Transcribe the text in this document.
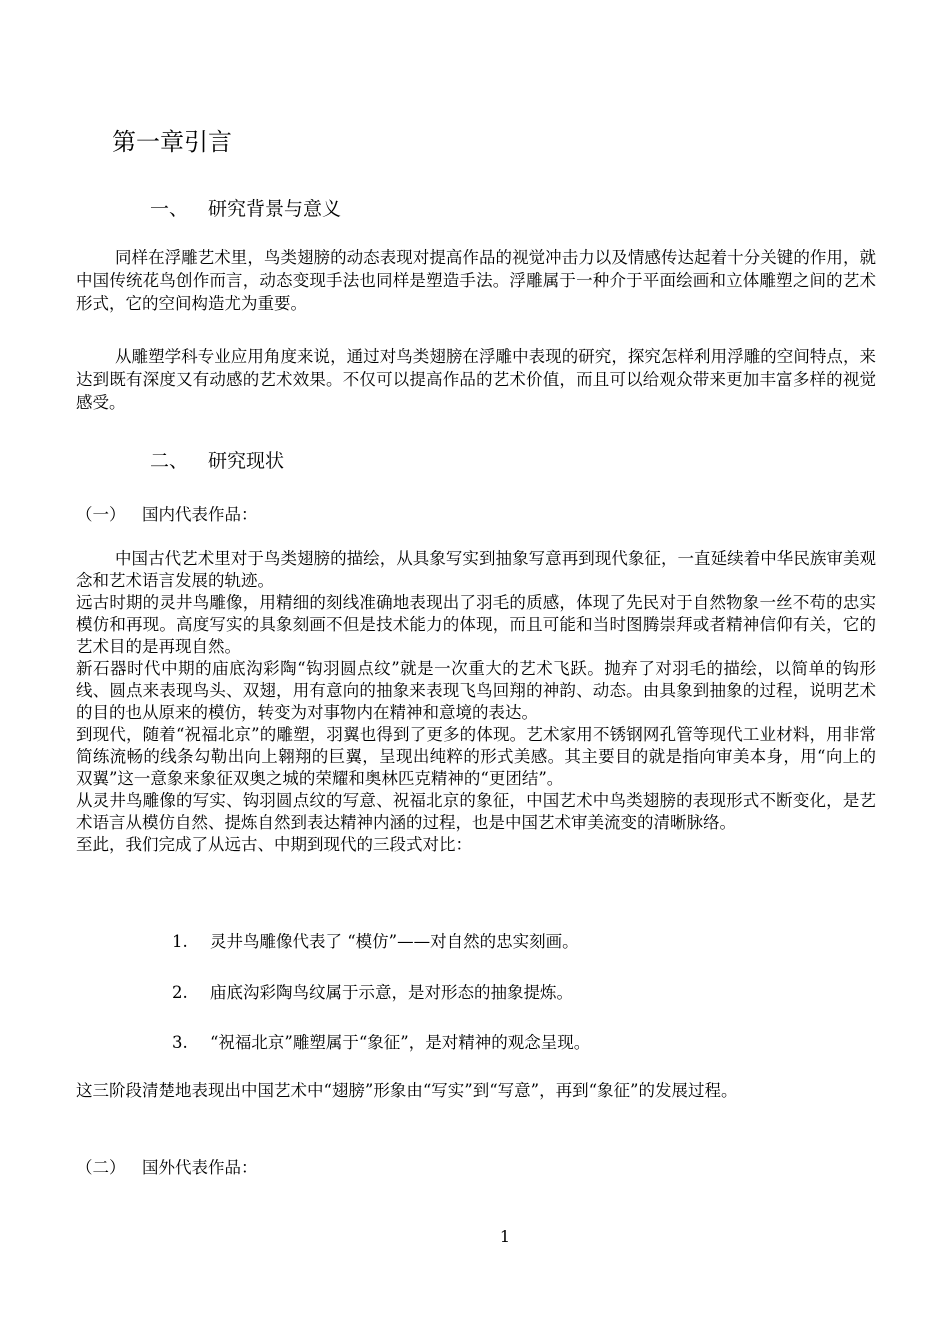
第一章引言
一、 研究背景与意义

同样在浮雕艺术里，鸟类翅膀的动态表现对提高作品的视觉冲击力以及情感传达起着十分关键的作用，就中国传统花鸟创作而言，动态变现手法也同样是塑造手法。浮雕属于一种介于平面绘画和立体雕塑之间的艺术形式，它的空间构造尤为重要。

从雕塑学科专业应用角度来说，通过对鸟类翅膀在浮雕中表现的研究，探究怎样利用浮雕的空间特点，来达到既有深度又有动感的艺术效果。不仅可以提高作品的艺术价值，而且可以给观众带来更加丰富多样的视觉感受。

二、 研究现状
（一） 国内代表作品：

中国古代艺术里对于鸟类翅膀的描绘，从具象写实到抽象写意再到现代象征，一直延续着中华民族审美观念和艺术语言发展的轨迹。

远古时期的灵井鸟雕像，用精细的刻线准确地表现出了羽毛的质感，体现了先民对于自然物象一丝不苟的忠实模仿和再现。高度写实的具象刻画不但是技术能力的体现，而且可能和当时图腾崇拜或者精神信仰有关，它的艺术目的是再现自然。

新石器时代中期的庙底沟彩陶“钩羽圆点纹”就是一次重大的艺术飞跃。抛弃了对羽毛的描绘，以简单的钩形线、圆点来表现鸟头、双翅，用有意向的抽象来表现飞鸟回翔的神韵、动态。由具象到抽象的过程，说明艺术的目的也从原来的模仿，转变为对事物内在精神和意境的表达。

到现代，随着“祝福北京”的雕塑，羽翼也得到了更多的体现。艺术家用不锈钢网孔管等现代工业材料，用非常简练流畅的线条勾勒出向上翱翔的巨翼，呈现出纯粹的形式美感。其主要目的就是指向审美本身，用“向上的双翼”这一意象来象征双奥之城的荣耀和奥林匹克精神的“更团结”。

从灵井鸟雕像的写实、钩羽圆点纹的写意、祝福北京的象征，中国艺术中鸟类翅膀的表现形式不断变化，是艺术语言从模仿自然、提炼自然到表达精神内涵的过程，也是中国艺术审美流变的清晰脉络。

至此，我们完成了从远古、中期到现代的三段式对比：

1. 灵井鸟雕像代表了 “模仿”——对自然的忠实刻画。
2. 庙底沟彩陶鸟纹属于示意，是对形态的抽象提炼。
3. “祝福北京”雕塑属于“象征”，是对精神的观念呈现。

这三阶段清楚地表现出中国艺术中“翅膀”形象由“写实”到“写意”，再到“象征”的发展过程。

（二） 国外代表作品：
1
